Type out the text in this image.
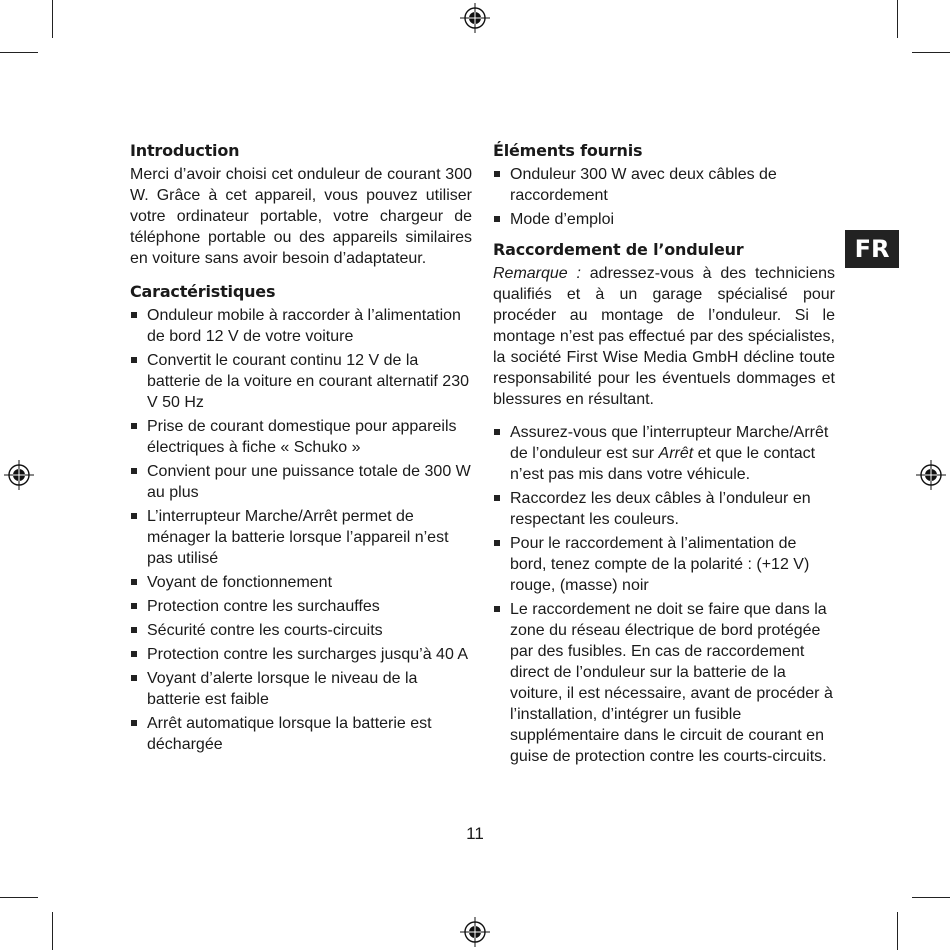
Introduction

Merci d’avoir choisi cet onduleur de courant 300 W. Grâce à cet appareil, vous pouvez utiliser votre ordinateur portable, votre chargeur de téléphone portable ou des appareils similaires en voiture sans avoir besoin d’adaptateur.

Caractéristiques
Onduleur mobile à raccorder à l’alimentation de bord 12 V de votre voiture
Convertit le courant continu 12 V de la batterie de la voiture en courant alternatif 230 V 50 Hz
Prise de courant domestique pour appareils électriques à fiche « Schuko »
Convient pour une puissance totale de 300 W au plus
L’interrupteur Marche/Arrêt permet de ménager la batterie lorsque l’appareil n’est pas utilisé
Voyant de fonctionnement
Protection contre les surchauffes
Sécurité contre les courts-circuits
Protection contre les surcharges jusqu’à 40 A
Voyant d’alerte lorsque le niveau de la batterie est faible
Arrêt automatique lorsque la batterie est déchargée
Éléments fournis
Onduleur 300 W avec deux câbles de raccordement
Mode d’emploi
Raccordement de l’onduleur

Remarque : adressez-vous à des techniciens qualifiés et à un garage spécialisé pour procéder au montage de l’onduleur. Si le montage n’est pas effectué par des spécialistes, la société First Wise Media GmbH décline toute responsabilité pour les éventuels dommages et blessures en résultant.

Assurez-vous que l’interrupteur Marche/Arrêt de l’onduleur est sur Arrêt et que le contact n’est pas mis dans votre véhicule.
Raccordez les deux câbles à l’onduleur en respectant les couleurs.
Pour le raccordement à l’alimentation de bord, tenez compte de la polarité : (+12 V) rouge, (masse) noir
Le raccordement ne doit se faire que dans la zone du réseau électrique de bord protégée par des fusibles. En cas de raccordement direct de l’onduleur sur la batterie de la voiture, il est nécessaire, avant de procéder à l’installation, d’intégrer un fusible supplémentaire dans le circuit de courant en guise de protection contre les courts-circuits.
FR
11
